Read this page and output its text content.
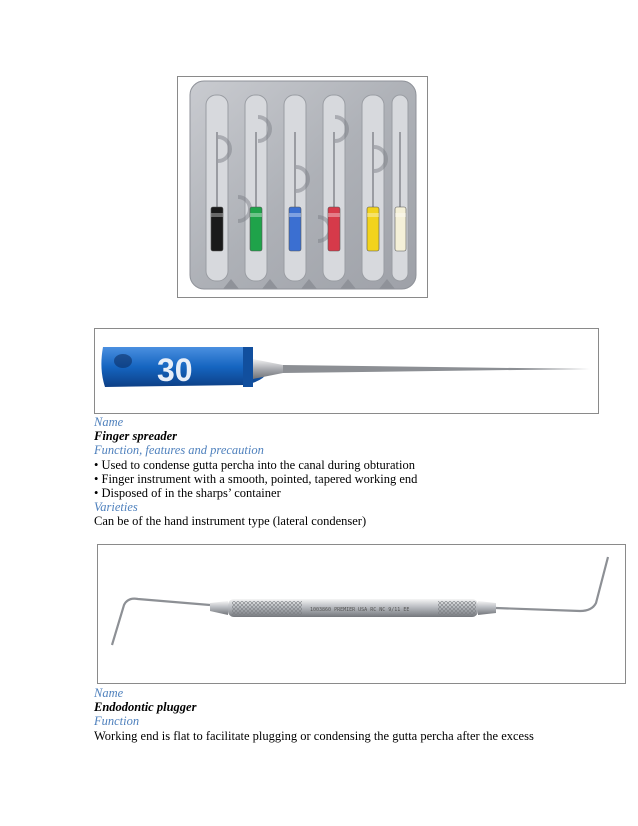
30
Name
Finger spreader
Function, features and precaution
• Used to condense gutta percha into the canal during obturation
• Finger instrument with a smooth, pointed, tapered working end
• Disposed of in the sharps’ container
Varieties
Can be of the hand instrument type (lateral condenser)
1003860 PREMIER USA RC NC 9/11 EE
Name
Endodontic plugger
Function
Working end is flat to facilitate plugging or condensing the gutta percha after the excess
